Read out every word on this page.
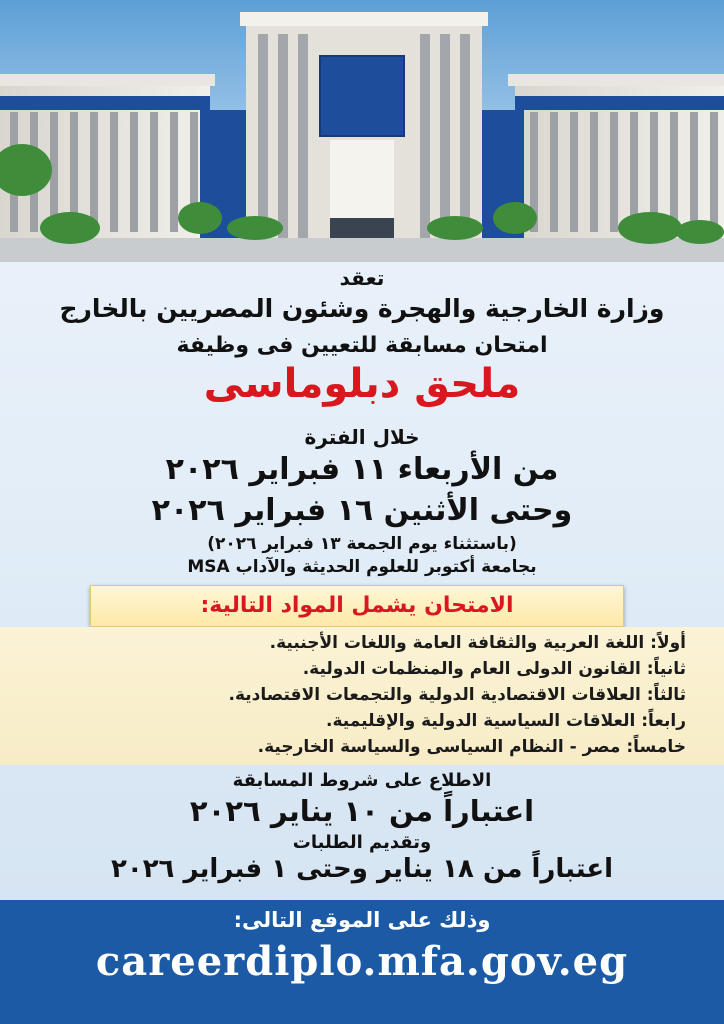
تعقد
وزارة الخارجية والهجرة وشئون المصريين بالخارج
امتحان مسابقة للتعيين فى وظيفة
ملحق دبلوماسى
خلال الفترة
من الأربعاء ١١ فبراير ٢٠٢٦
وحتى الأثنين ١٦ فبراير ٢٠٢٦
(باستثناء يوم الجمعة ١٣ فبراير ٢٠٢٦)
بجامعة أكتوبر للعلوم الحديثة والآداب MSA
الامتحان يشمل المواد التالية:
أولاً: اللغة العربية والثقافة العامة واللغات الأجنبية.
ثانياً: القانون الدولى العام والمنظمات الدولية.
ثالثاً: العلاقات الاقتصادية الدولية والتجمعات الاقتصادية.
رابعاً: العلاقات السياسية الدولية والإقليمية.
خامساً: مصر - النظام السياسى والسياسة الخارجية.
الاطلاع على شروط المسابقة
اعتباراً من ١٠ يناير ٢٠٢٦
وتقديم الطلبات
اعتباراً من ١٨ يناير وحتى ١ فبراير ٢٠٢٦
وذلك على الموقع التالى:
careerdiplo.mfa.gov.eg
